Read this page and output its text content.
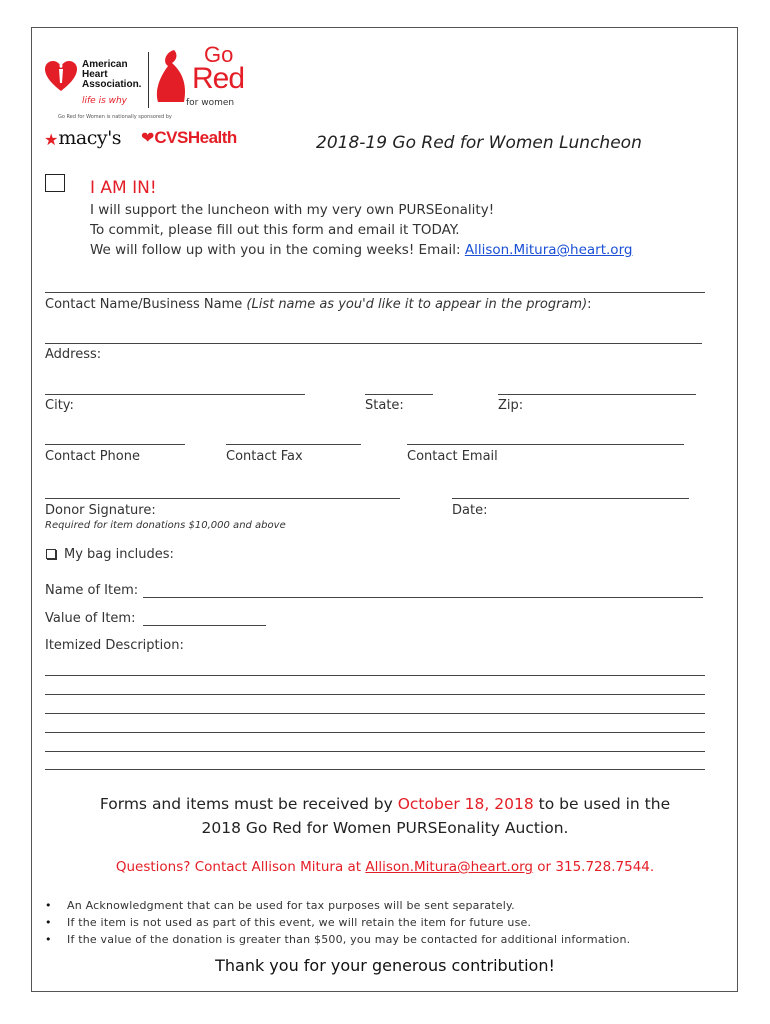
American
Heart
Association.
life is why
Go
Red
for women
Go Red for Women is nationally sponsored by
★macy's ❤CVSHealth	2018-19 Go Red for Women Luncheon
I AM IN!
I will support the luncheon with my very own PURSEonality!
To commit, please fill out this form and email it TODAY.
We will follow up with you in the coming weeks! Email: Allison.Mitura@heart.org
Contact Name/Business Name (List name as you'd like it to appear in the program):
Address:
City:	State:	Zip:
Contact Phone	Contact Fax	Contact Email
Donor Signature:	Date:
Required for item donations $10,000 and above
My bag includes:
Name of Item:
Value of Item:
Itemized Description:
Forms and items must be received by October 18, 2018 to be used in the
2018 Go Red for Women PURSEonality Auction.
Questions? Contact Allison Mitura at Allison.Mitura@heart.org or 315.728.7544.
• An Acknowledgment that can be used for tax purposes will be sent separately.
• If the item is not used as part of this event, we will retain the item for future use.
• If the value of the donation is greater than $500, you may be contacted for additional information.
Thank you for your generous contribution!
